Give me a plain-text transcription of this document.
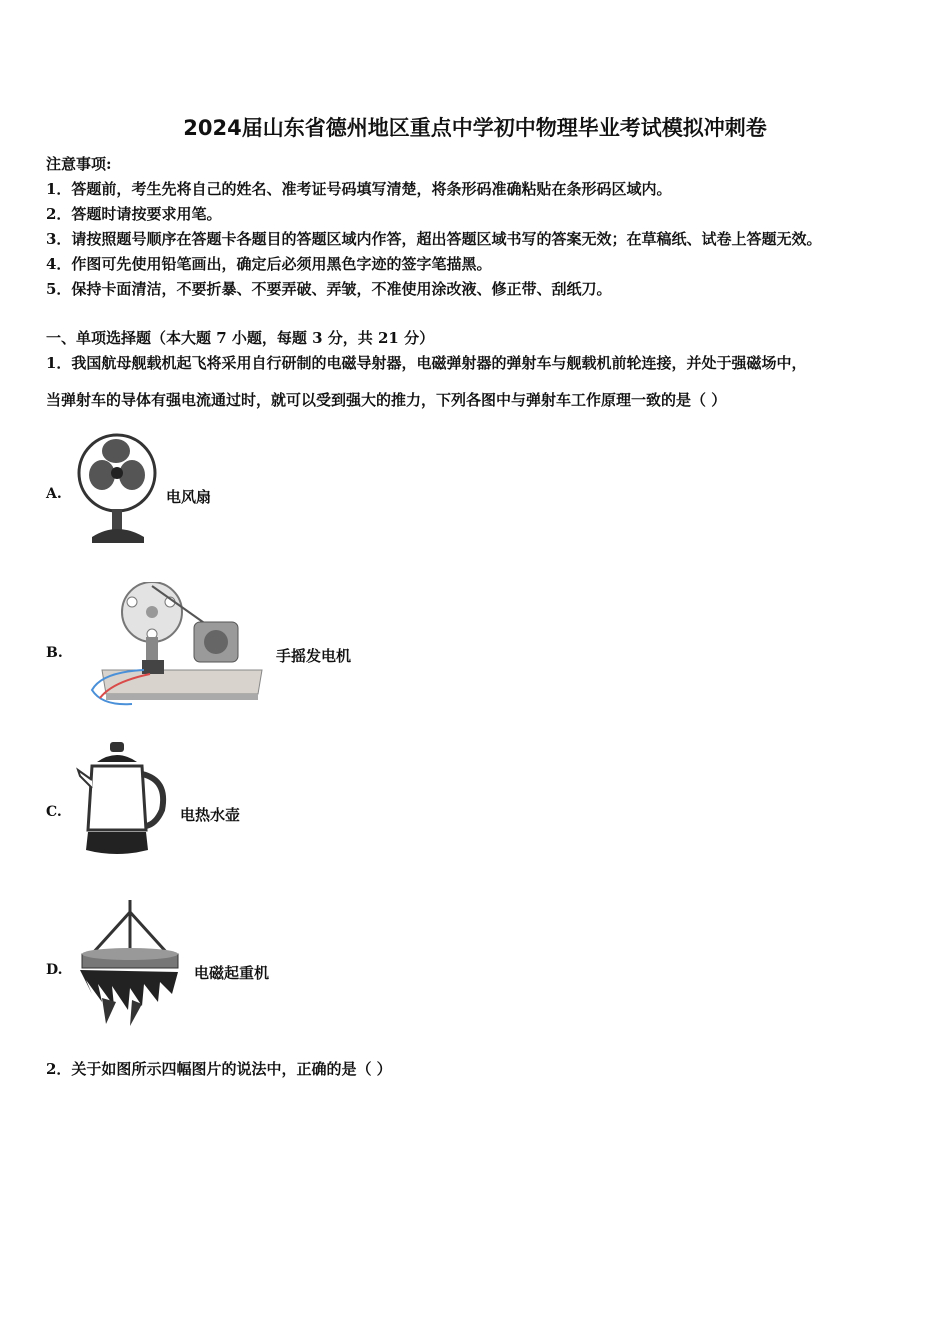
2024届山东省德州地区重点中学初中物理毕业考试模拟冲刺卷
注意事项:
1．答题前，考生先将自己的姓名、准考证号码填写清楚，将条形码准确粘贴在条形码区域内。
2．答题时请按要求用笔。
3．请按照题号顺序在答题卡各题目的答题区域内作答，超出答题区域书写的答案无效；在草稿纸、试卷上答题无效。
4．作图可先使用铅笔画出，确定后必须用黑色字迹的签字笔描黑。
5．保持卡面清洁，不要折暴、不要弄破、弄皱，不准使用涂改液、修正带、刮纸刀。
一、单项选择题（本大题 7 小题，每题 3 分，共 21 分）
1．我国航母舰载机起飞将采用自行研制的电磁导射器，电磁弹射器的弹射车与舰载机前轮连接，并处于强磁场中，
当弹射车的导体有强电流通过时，就可以受到强大的推力，下列各图中与弹射车工作原理一致的是（ ）
A.	电风扇
B.	手摇发电机
C.	电热水壶
D.	电磁起重机
2．关于如图所示四幅图片的说法中，正确的是（ ）
